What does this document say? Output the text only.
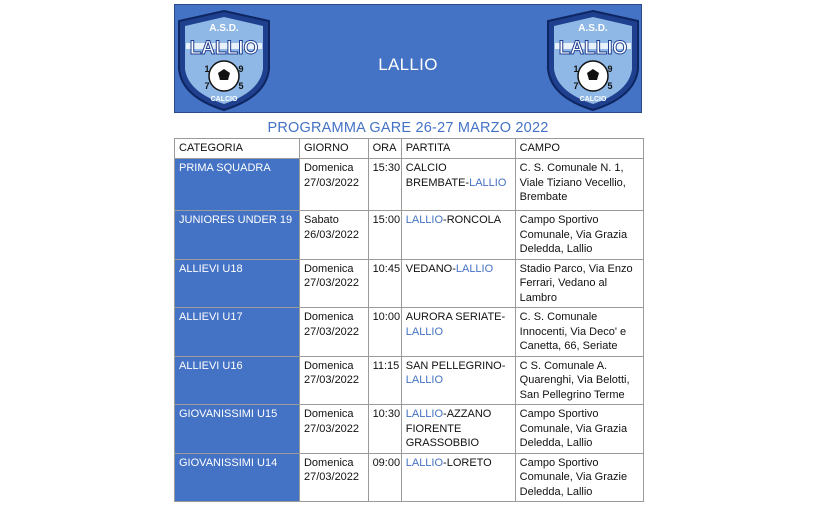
A.S.D.
LALLIO
1	9
7	5
CALCIO
LALLIO
A.S.D.
LALLIO
1	9
7	5
CALCIO
PROGRAMMA GARE 26-27 MARZO 2022
CATEGORIA	GIORNO	ORA	PARTITA	CAMPO
PRIMA SQUADRA	Domenica 27/03/2022	15:30	CALCIO BREMBATE-LALLIO	C. S. Comunale N. 1, Viale Tiziano Vecellio, Brembate
JUNIORES UNDER 19	Sabato 26/03/2022	15:00	LALLIO-RONCOLA	Campo Sportivo Comunale, Via Grazia Deledda, Lallio
ALLIEVI U18	Domenica 27/03/2022	10:45	VEDANO-LALLIO	Stadio Parco, Via Enzo Ferrari, Vedano al Lambro
ALLIEVI U17	Domenica 27/03/2022	10:00	AURORA SERIATE-LALLIO	C. S. Comunale Innocenti, Via Deco' e Canetta, 66, Seriate
ALLIEVI U16	Domenica 27/03/2022	11:15	SAN PELLEGRINO-LALLIO	C S. Comunale A. Quarenghi, Via Belotti, San Pellegrino Terme
GIOVANISSIMI U15	Domenica 27/03/2022	10:30	LALLIO-AZZANO FIORENTE GRASSOBBIO	Campo Sportivo Comunale, Via Grazia Deledda, Lallio
GIOVANISSIMI U14	Domenica 27/03/2022	09:00	LALLIO-LORETO	Campo Sportivo Comunale, Via Grazie Deledda, Lallio
